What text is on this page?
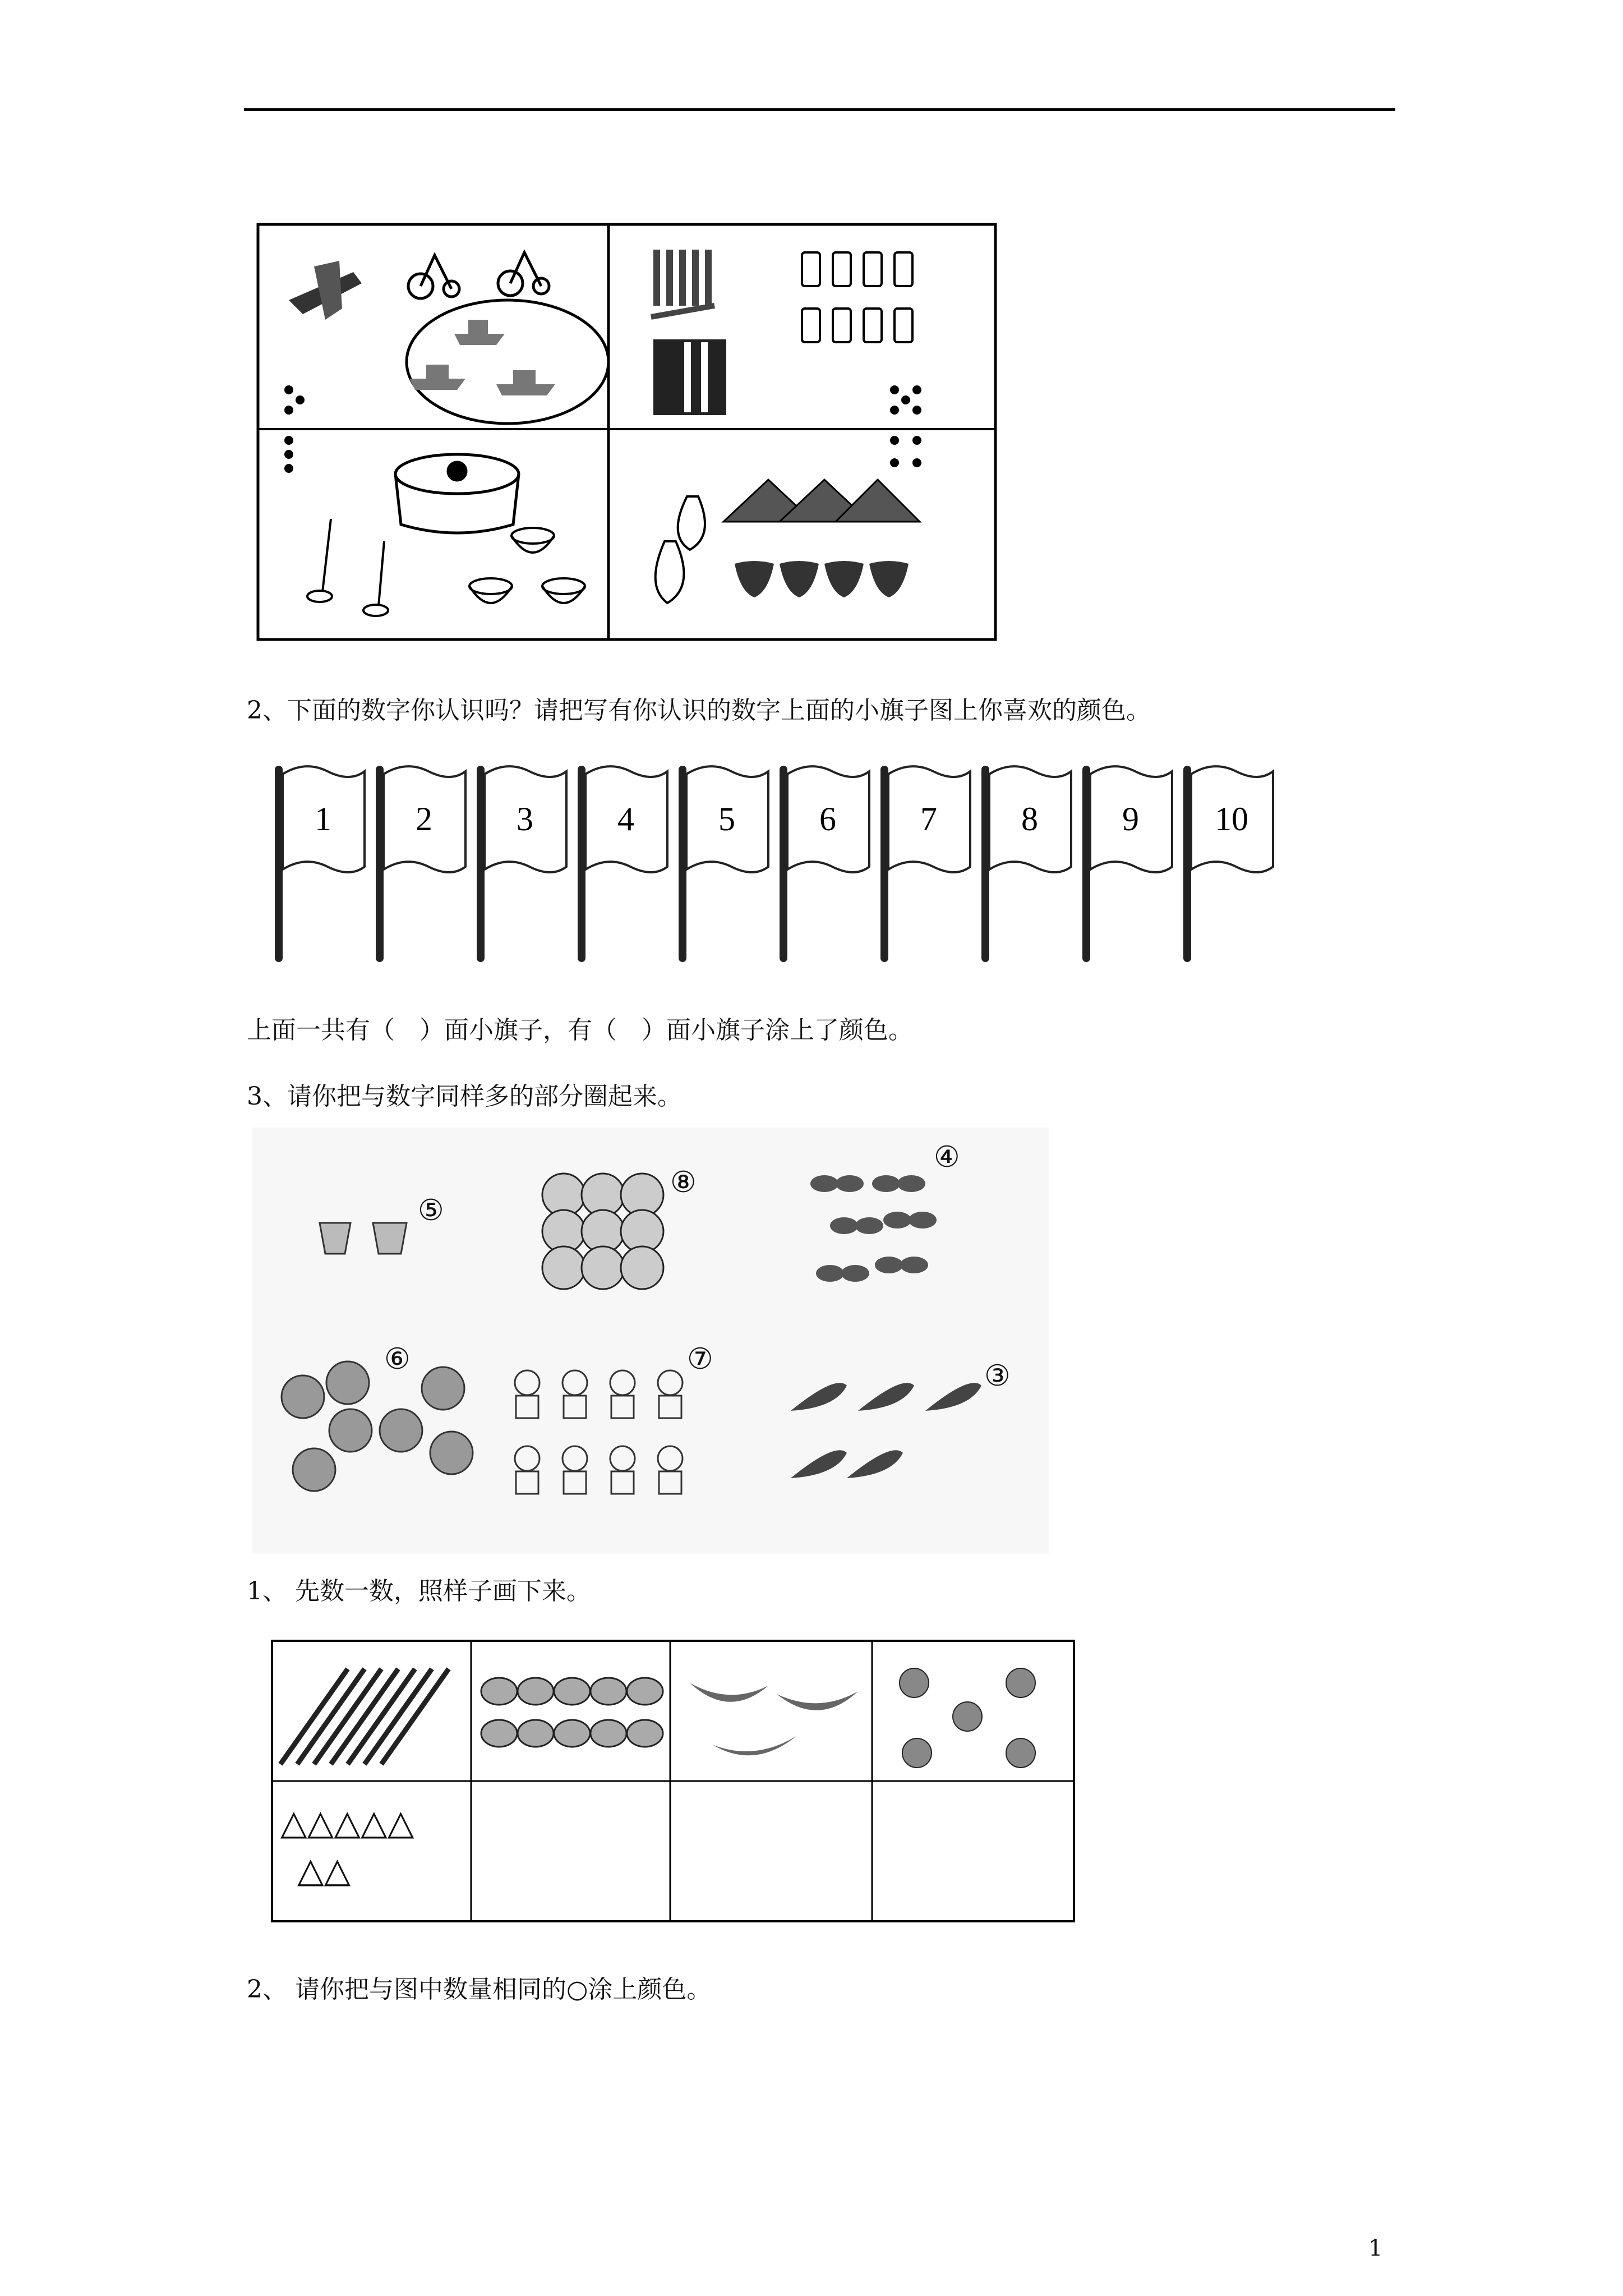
2、下面的数字你认识吗？请把写有你认识的数字上面的小旗子图上你喜欢的颜色。
1	2	3	4	5	6	7	8	9 10
上面一共有（　）面小旗子，有（　）面小旗子涂上了颜色。
3、请你把与数字同样多的部分圈起来。
⑤
⑧
④
⑥	⑦
③
1、 先数一数，照样子画下来。
△△△△△
△△
2、 请你把与图中数量相同的○涂上颜色。
1
